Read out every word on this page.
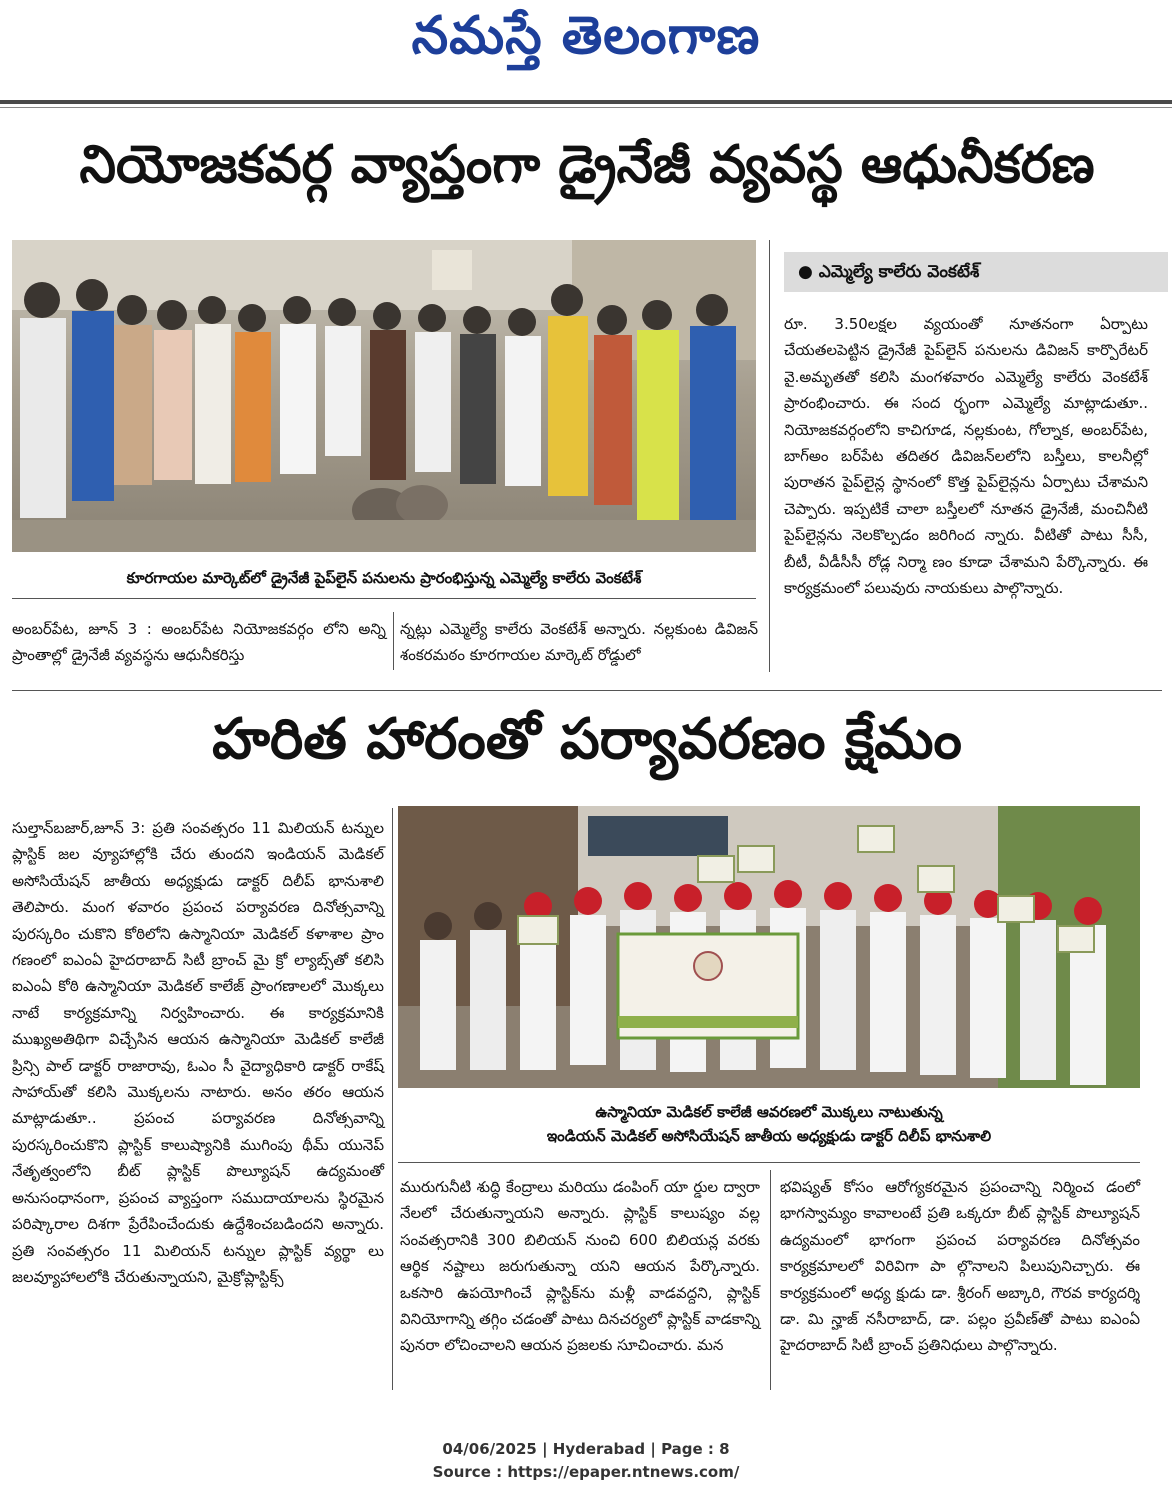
నమస్తే తెలంగాణ
నియోజకవర్గ వ్యాప్తంగా డ్రైనేజీ వ్యవస్థ ఆధునీకరణ
కూరగాయల మార్కెట్‌లో డ్రైనేజీ పైప్‌లైన్ పనులను ప్రారంభిస్తున్న ఎమ్మెల్యే కాలేరు వెంకటేశ్
అంబర్‌పేట, జూన్ 3 : అంబర్‌పేట నియోజకవర్గం లోని అన్ని ప్రాంతాల్లో డ్రైనేజీ వ్యవస్థను ఆధునీకరిస్తు
న్నట్లు ఎమ్మెల్యే కాలేరు వెంకటేశ్ అన్నారు. నల్లకుంట డివిజన్ శంకరమఠం కూరగాయల మార్కెట్ రోడ్డులో
● ఎమ్మెల్యే కాలేరు వెంకటేశ్
రూ. 3.50లక్షల వ్యయంతో నూతనంగా ఏర్పాటు చేయతలపెట్టిన డ్రైనేజీ పైప్‌లైన్ పనులను డివిజన్ కార్పొరేటర్ వై.అమృతతో కలిసి మంగళవారం ఎమ్మెల్యే కాలేరు వెంకటేశ్ ప్రారంభించారు. ఈ సంద ర్భంగా ఎమ్మెల్యే మాట్లాడుతూ.. నియోజకవర్గంలోని కాచిగూడ, నల్లకుంట, గోల్నాక, అంబర్‌పేట, బాగ్‌అం బర్‌పేట తదితర డివిజన్‌లలోని బస్తీలు, కాలనీల్లో పురాతన పైప్‌లైన్ల స్థానంలో కొత్త పైప్‌లైన్లను ఏర్పాటు చేశామని చెప్పారు. ఇప్పటికే చాలా బస్తీలలో నూతన డ్రైనేజీ, మంచినీటి పైప్‌లైన్లను నెలకొల్పడం జరిగింద న్నారు. వీటితో పాటు సీసీ, బీటీ, వీడీసీసీ రోడ్ల నిర్మా ణం కూడా చేశామని పేర్కొన్నారు. ఈ కార్యక్రమంలో పలువురు నాయకులు పాల్గొన్నారు.
హరిత హారంతో పర్యావరణం క్షేమం
సుల్తాన్‌బజార్,జూన్ 3: ప్రతి సంవత్సరం 11 మిలియన్ టన్నుల ప్లాస్టిక్ జల వ్యూహాల్లోకి చేరు తుందని ఇండియన్ మెడికల్ అసోసియేషన్ జాతీయ అధ్యక్షుడు డాక్టర్ దిలీప్ భానుశాలి తెలిపారు. మంగ ళవారం ప్రపంచ పర్యావరణ దినోత్సవాన్ని పురస్కరిం చుకొని కోఠిలోని ఉస్మానియా మెడికల్ కళాశాల ప్రాం గణంలో ఐఎంఏ హైదరాబాద్ సిటీ బ్రాంచ్ మై క్రో ల్యాబ్స్‌తో కలిసి ఐఎంఏ కోఠి ఉస్మానియా మెడికల్ కాలేజ్ ప్రాంగణాలలో మొక్కలు నాటే కార్యక్రమాన్ని నిర్వహించారు. ఈ కార్యక్రమానికి ముఖ్యఅతిథిగా విచ్చేసిన ఆయన ఉస్మానియా మెడికల్ కాలేజీ ప్రిన్సి పాల్ డాక్టర్ రాజారావు, ఓఎం సీ వైద్యాధికారి డాక్టర్ రాకేష్ సాహాయ్‌తో కలిసి మొక్కలను నాటారు. అనం తరం ఆయన మాట్లాడుతూ.. ప్రపంచ పర్యావరణ దినోత్సవాన్ని పురస్కరించుకొని ప్లాస్టిక్ కాలుష్యానికి ముగింపు థీమ్ యునెప్ నేతృత్వంలోని బీట్ ప్లాస్టిక్ పొల్యూషన్ ఉద్యమంతో అనుసంధానంగా, ప్రపంచ వ్యాప్తంగా సముదాయాలను స్థిరమైన పరిష్కారాల దిశగా ప్రేరేపించేందుకు ఉద్దేశించబడిందని అన్నారు. ప్రతి సంవత్సరం 11 మిలియన్ టన్నుల ప్లాస్టిక్ వ్యర్థా లు జలవ్యూహాలలోకి చేరుతున్నాయని, మైక్రోప్లాస్టిక్స్
ఉస్మానియా మెడికల్ కాలేజీ ఆవరణలో మొక్కలు నాటుతున్న
ఇండియన్ మెడికల్ అసోసియేషన్ జాతీయ అధ్యక్షుడు డాక్టర్ దిలీప్ భానుశాలి
మురుగునీటి శుద్ధి కేంద్రాలు మరియు డంపింగ్ యా ర్డుల ద్వారా నేలలో చేరుతున్నాయని అన్నారు. ప్లాస్టిక్ కాలుష్యం వల్ల సంవత్సరానికి 300 బిలియన్ నుంచి 600 బిలియన్ల వరకు ఆర్థిక నష్టాలు జరుగుతున్నా యని ఆయన పేర్కొన్నారు. ఒకసారి ఉపయోగించే ప్లాస్టిక్‌ను మళ్లీ వాడవద్దని, ప్లాస్టిక్ వినియోగాన్ని తగ్గిం చడంతో పాటు దినచర్యలో ప్లాస్టిక్ వాడకాన్ని పునరా లోచించాలని ఆయన ప్రజలకు సూచించారు. మన
భవిష్యత్ కోసం ఆరోగ్యకరమైన ప్రపంచాన్ని నిర్మించ డంలో భాగస్వామ్యం కావాలంటే ప్రతి ఒక్కరూ బీట్ ప్లాస్టిక్ పొల్యూషన్ ఉద్యమంలో భాగంగా ప్రపంచ పర్యావరణ దినోత్సవం కార్యక్రమాలలో విరివిగా పా ల్గొనాలని పిలుపునిచ్చారు. ఈ కార్యక్రమంలో అధ్య క్షుడు డా. శ్రీరంగ్ అబ్కారి, గౌరవ కార్యదర్శి డా. మి న్హాజ్ నసీరాబాద్, డా. పల్లం ప్రవీణ్‌తో పాటు ఐఎంఏ హైదరాబాద్ సిటీ బ్రాంచ్ ప్రతినిధులు పాల్గొన్నారు.
04/06/2025 | Hyderabad | Page : 8
Source : https://epaper.ntnews.com/
